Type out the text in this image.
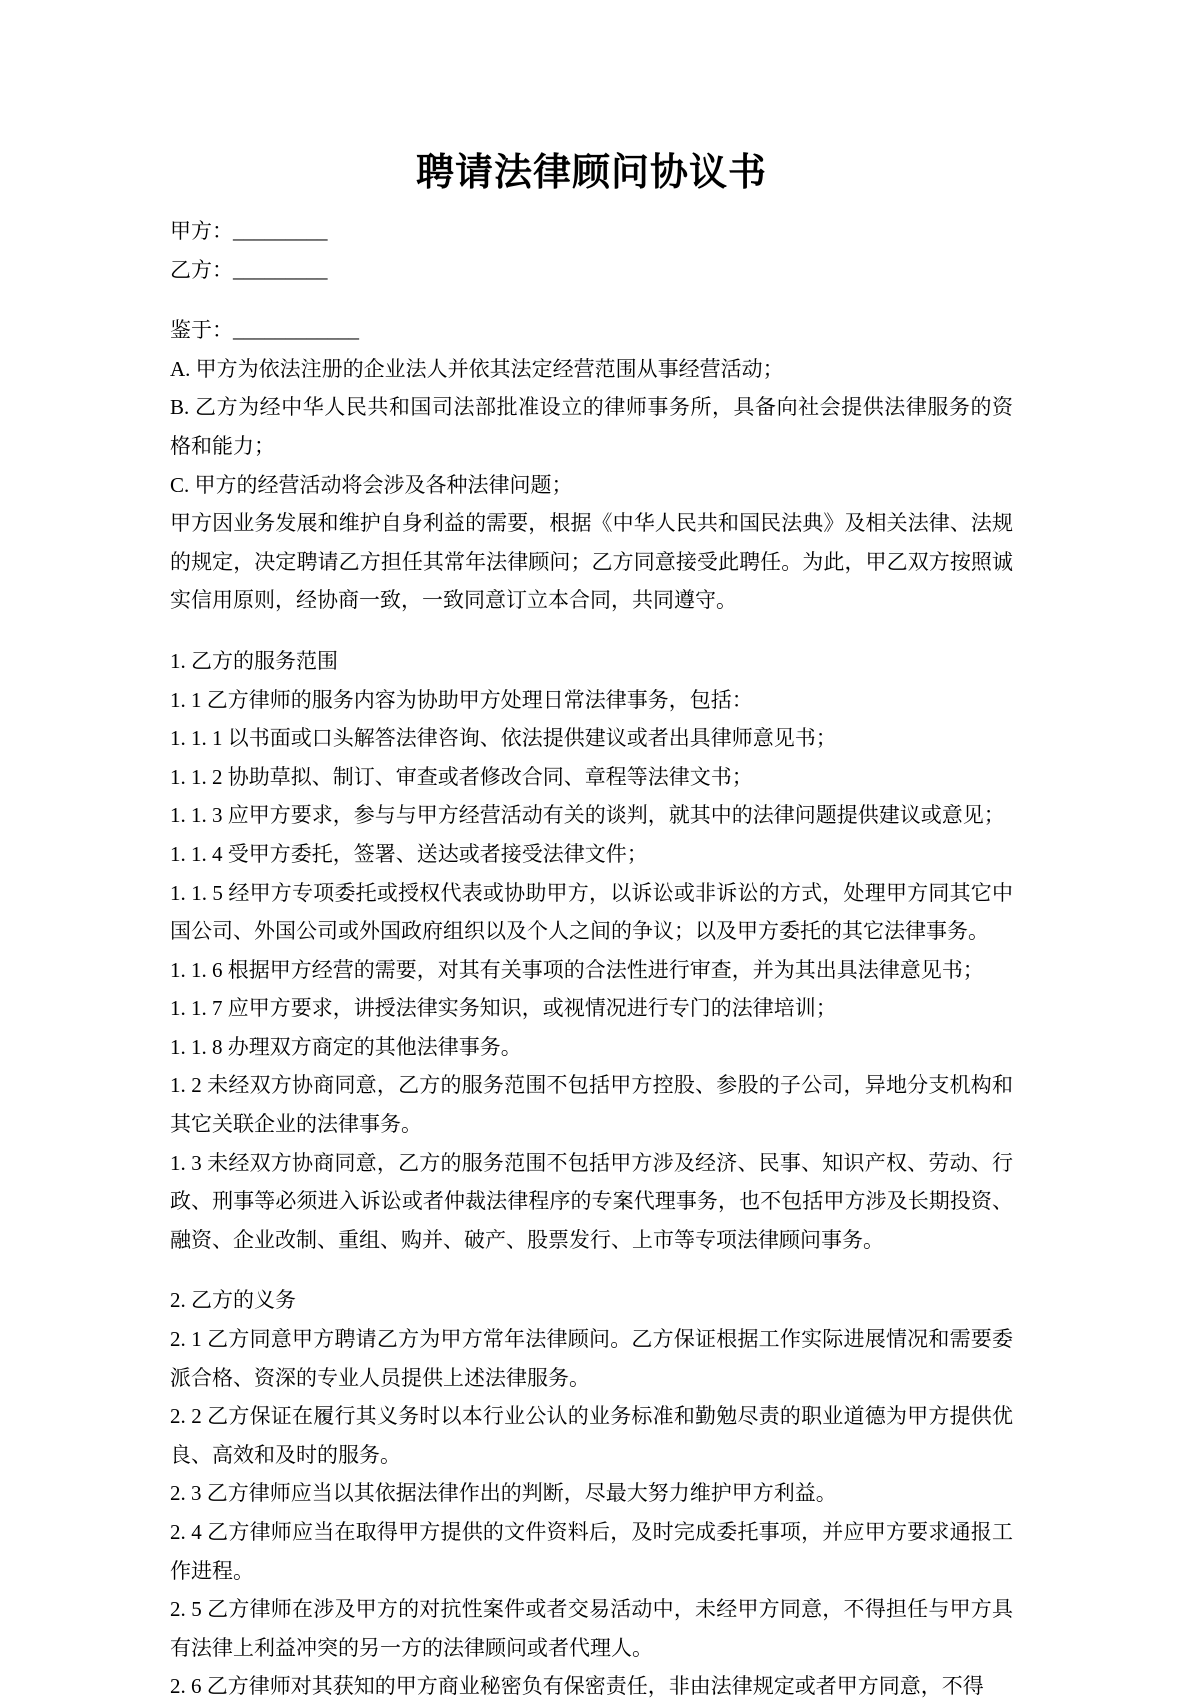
聘请法律顾问协议书

甲方：_________

乙方：_________

鉴于：____________

A. 甲方为依法注册的企业法人并依其法定经营范围从事经营活动；

B. 乙方为经中华人民共和国司法部批准设立的律师事务所，具备向社会提供法律服务的资格和能力；

C. 甲方的经营活动将会涉及各种法律问题；

甲方因业务发展和维护自身利益的需要，根据《中华人民共和国民法典》及相关法律、法规的规定，决定聘请乙方担任其常年法律顾问；乙方同意接受此聘任。为此，甲乙双方按照诚实信用原则，经协商一致，一致同意订立本合同，共同遵守。

1. 乙方的服务范围

1. 1 乙方律师的服务内容为协助甲方处理日常法律事务，包括：

1. 1. 1 以书面或口头解答法律咨询、依法提供建议或者出具律师意见书；

1. 1. 2 协助草拟、制订、审查或者修改合同、章程等法律文书；

1. 1. 3 应甲方要求，参与与甲方经营活动有关的谈判，就其中的法律问题提供建议或意见；

1. 1. 4 受甲方委托，签署、送达或者接受法律文件；

1. 1. 5 经甲方专项委托或授权代表或协助甲方，以诉讼或非诉讼的方式，处理甲方同其它中国公司、外国公司或外国政府组织以及个人之间的争议；以及甲方委托的其它法律事务。

1. 1. 6 根据甲方经营的需要，对其有关事项的合法性进行审查，并为其出具法律意见书；

1. 1. 7 应甲方要求，讲授法律实务知识，或视情况进行专门的法律培训；

1. 1. 8 办理双方商定的其他法律事务。

1. 2 未经双方协商同意，乙方的服务范围不包括甲方控股、参股的子公司，异地分支机构和其它关联企业的法律事务。

1. 3 未经双方协商同意，乙方的服务范围不包括甲方涉及经济、民事、知识产权、劳动、行政、刑事等必须进入诉讼或者仲裁法律程序的专案代理事务，也不包括甲方涉及长期投资、融资、企业改制、重组、购并、破产、股票发行、上市等专项法律顾问事务。

2. 乙方的义务

2. 1 乙方同意甲方聘请乙方为甲方常年法律顾问。乙方保证根据工作实际进展情况和需要委派合格、资深的专业人员提供上述法律服务。

2. 2 乙方保证在履行其义务时以本行业公认的业务标准和勤勉尽责的职业道德为甲方提供优良、高效和及时的服务。

2. 3 乙方律师应当以其依据法律作出的判断，尽最大努力维护甲方利益。

2. 4 乙方律师应当在取得甲方提供的文件资料后，及时完成委托事项，并应甲方要求通报工作进程。

2. 5 乙方律师在涉及甲方的对抗性案件或者交易活动中，未经甲方同意，不得担任与甲方具有法律上利益冲突的另一方的法律顾问或者代理人。

2. 6 乙方律师对其获知的甲方商业秘密负有保密责任，非由法律规定或者甲方同意，不得
